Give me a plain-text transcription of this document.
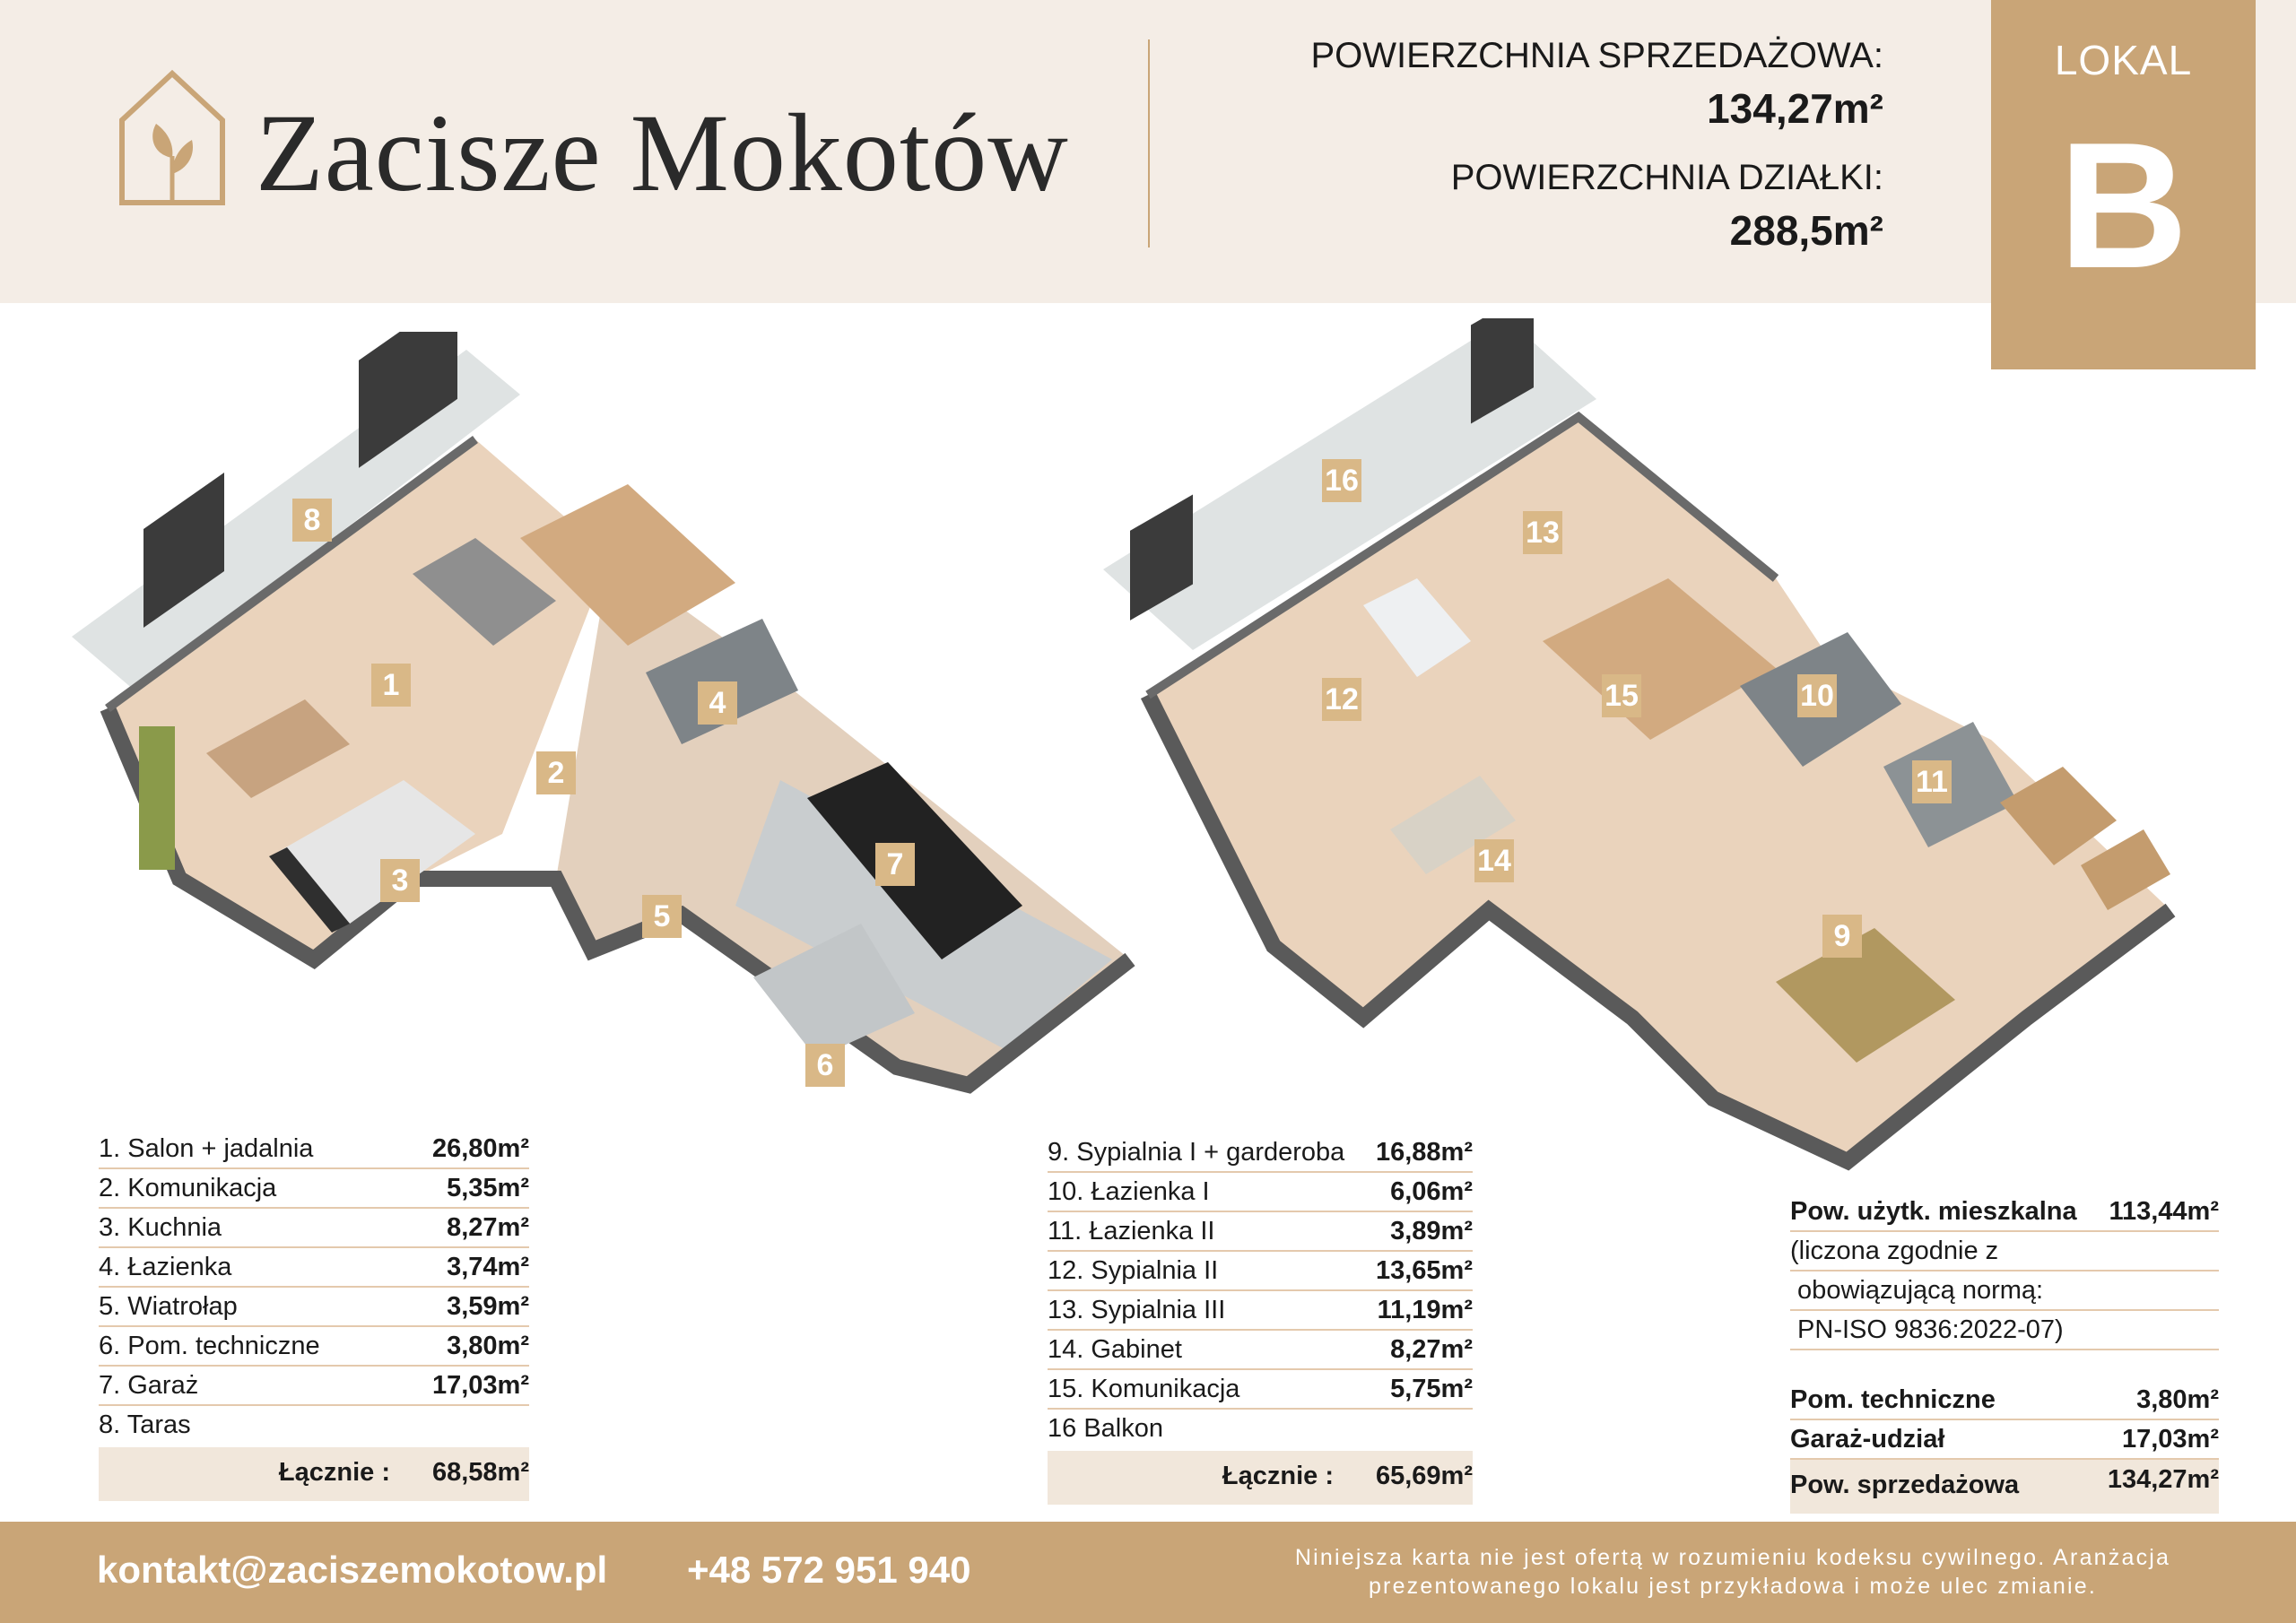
Zacisze Mokotów
POWIERZCHNIA SPRZEDAŻOWA:
134,27m²
POWIERZCHNIA DZIAŁKI:
288,5m²
LOKAL
B
8
1
2
3
4
5
7
6
16
13
12	15	10
11
14
9
1. Salon + jadalnia	26,80m²
2. Komunikacja	5,35m²
3. Kuchnia	8,27m²
4. Łazienka	3,74m²
5. Wiatrołap	3,59m²
6. Pom. techniczne	3,80m²
7. Garaż	17,03m²
8. Taras
Łącznie : 68,58m²
9. Sypialnia I + garderoba 16,88m²
10. Łazienka I	6,06m²
11. Łazienka II	3,89m²
12. Sypialnia II	13,65m²
13. Sypialnia III	11,19m²
14. Gabinet	8,27m²
15. Komunikacja	5,75m²
16 Balkon
Łącznie : 65,69m²
Pow. użytk. mieszkalna 113,44m²
(liczona zgodnie z
obowiązującą normą:
PN-ISO 9836:2022-07)
Pom. techniczne	3,80m²
Garaż-udział	17,03m²
Pow. sprzedażowa	134,27m²
kontakt@zaciszemokotow.pl +48 572 951 940	Niniejsza karta nie jest ofertą w rozumieniu kodeksu cywilnego. Aranżacja prezentowanego lokalu jest przykładowa i może ulec zmianie.
